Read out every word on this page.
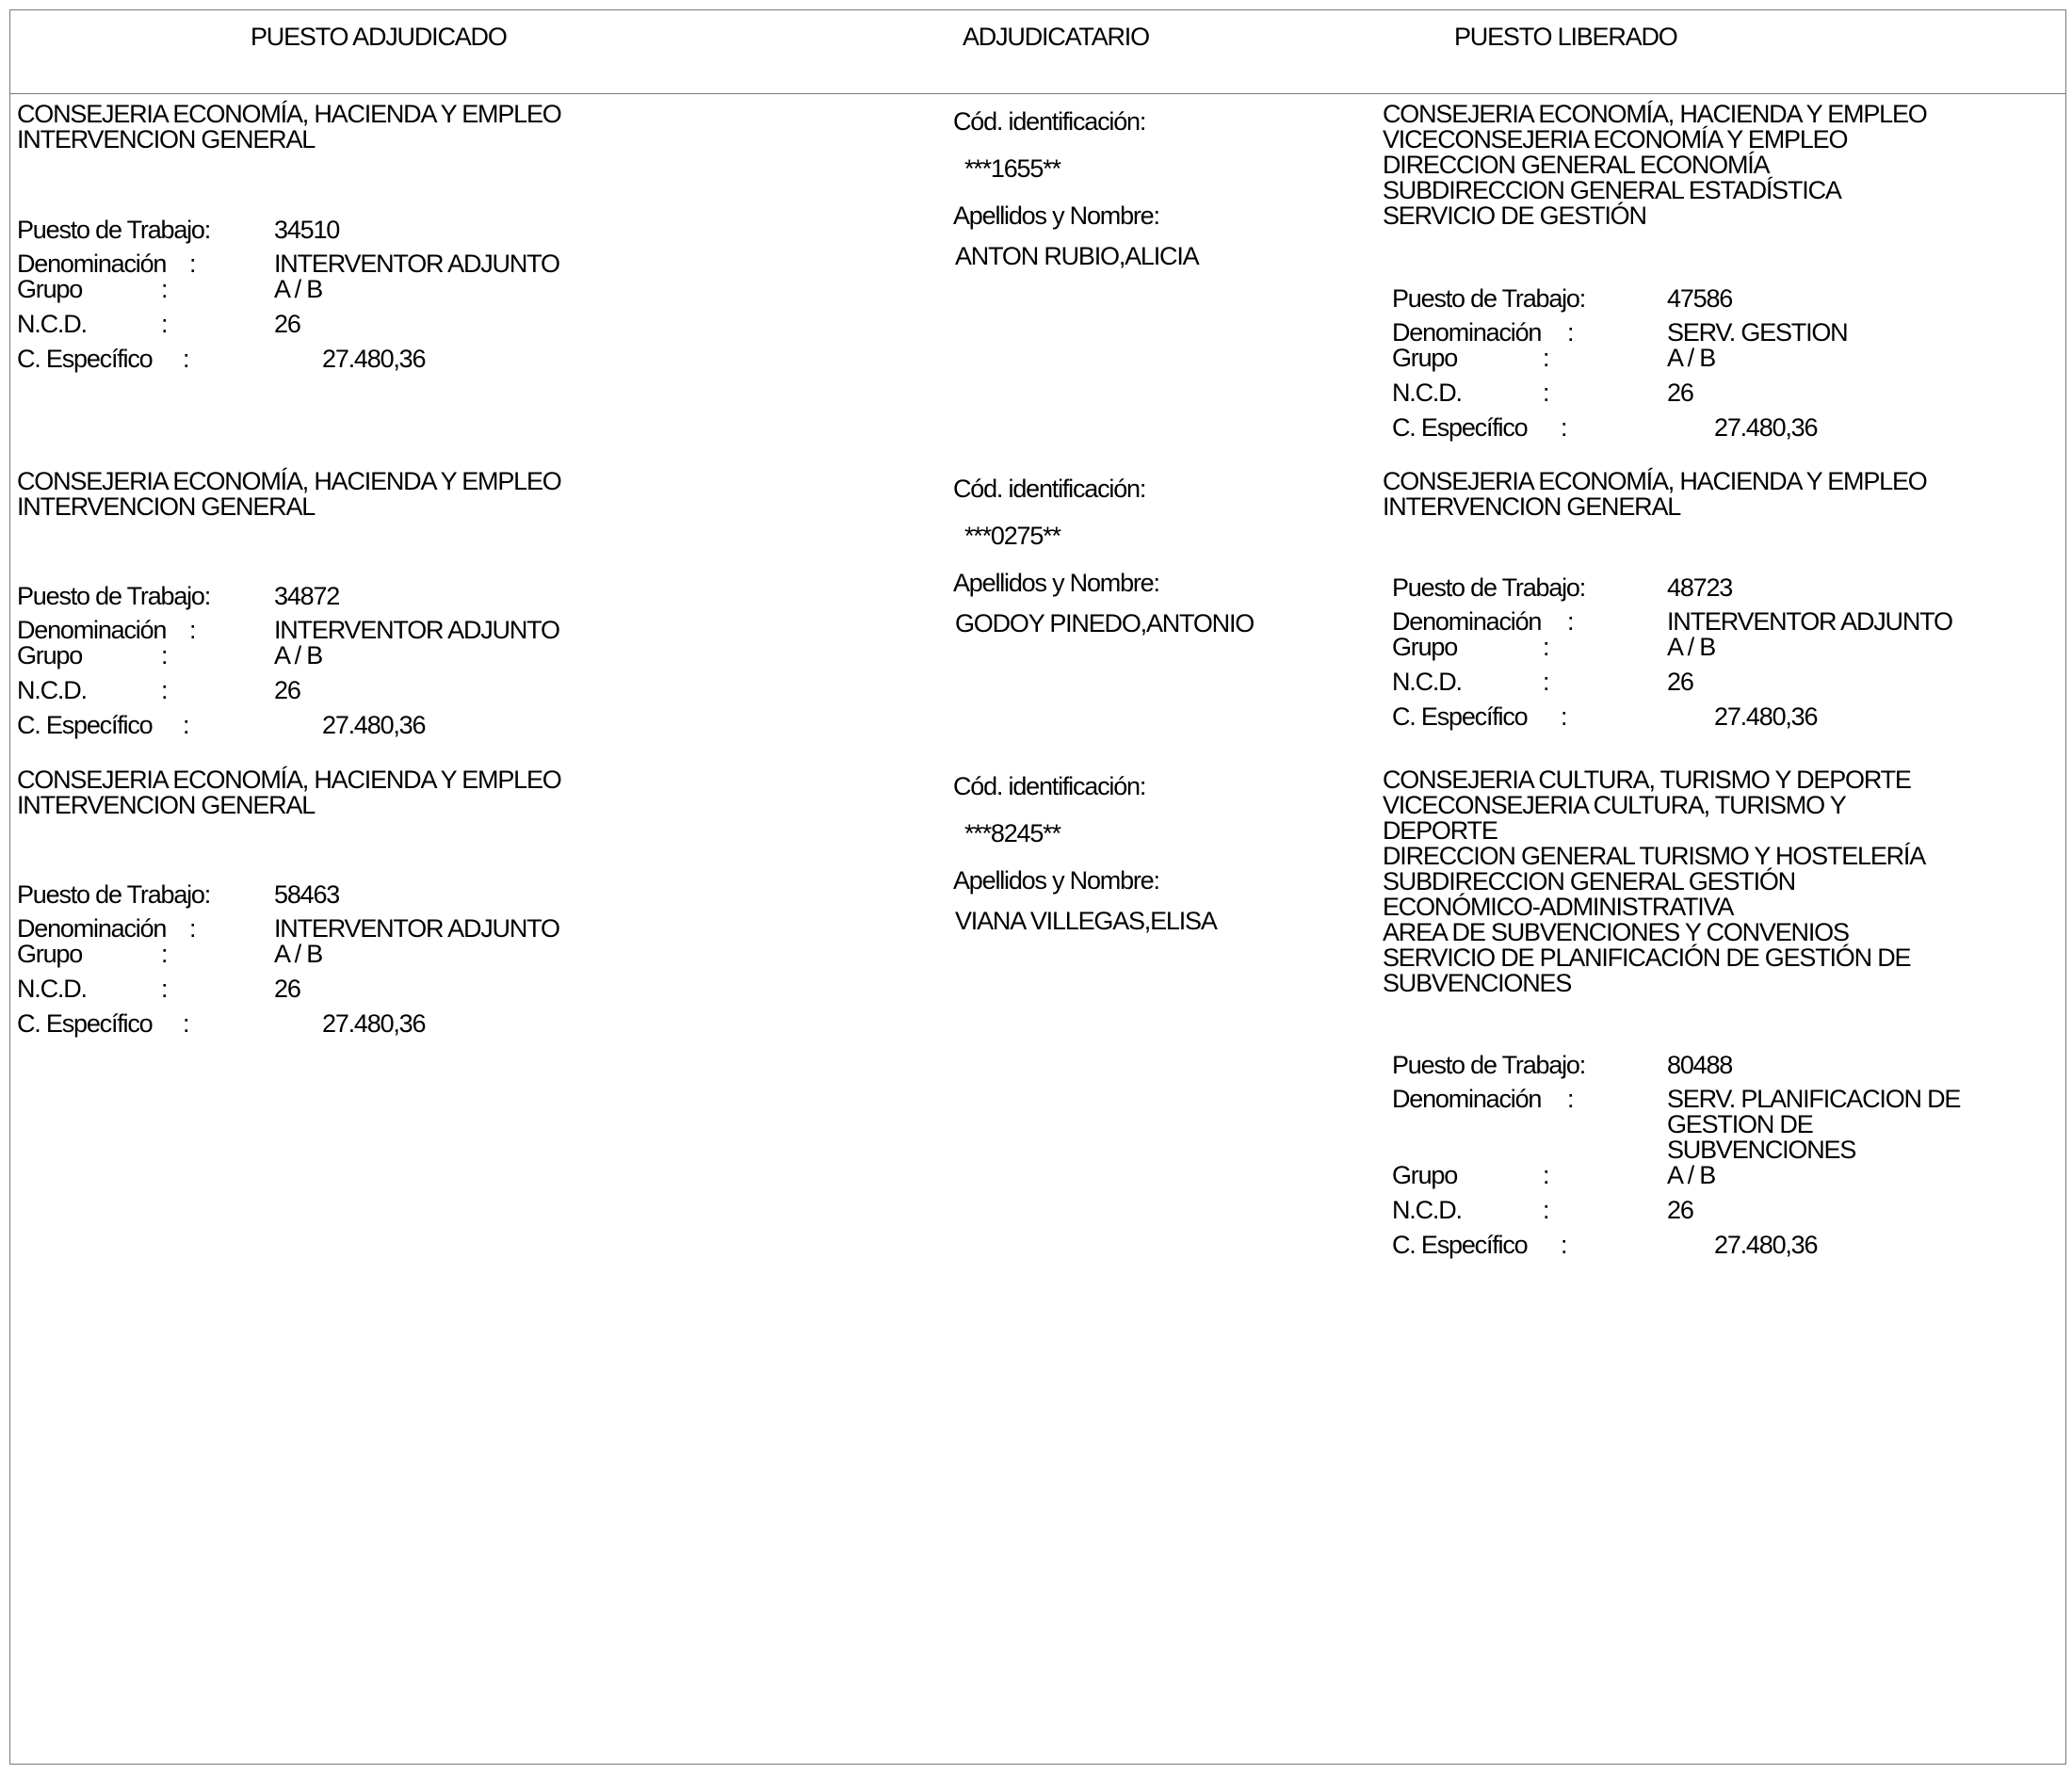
PUESTO ADJUDICADO	ADJUDICATARIO	PUESTO LIBERADO
CONSEJERIA ECONOMÍA, HACIENDA Y EMPLEO
INTERVENCION GENERAL
Puesto de Trabajo:	34510
Denominación :	INTERVENTOR ADJUNTO
Grupo	:	A / B
N.C.D.	:	26
C. Específico :	27.480,36
Cód. identificación:
***1655**
Apellidos y Nombre:
ANTON RUBIO,ALICIA
CONSEJERIA ECONOMÍA, HACIENDA Y EMPLEO
VICECONSEJERIA ECONOMÍA Y EMPLEO
DIRECCION GENERAL ECONOMÍA
SUBDIRECCION GENERAL ESTADÍSTICA
SERVICIO DE GESTIÓN
Puesto de Trabajo:	47586
Denominación :	SERV. GESTION
Grupo	:	A / B
N.C.D.	:	26
C. Específico :	27.480,36
CONSEJERIA ECONOMÍA, HACIENDA Y EMPLEO
INTERVENCION GENERAL
Puesto de Trabajo:	34872
Denominación :	INTERVENTOR ADJUNTO
Grupo	:	A / B
N.C.D.	:	26
C. Específico :	27.480,36
Cód. identificación:
***0275**
Apellidos y Nombre:
GODOY PINEDO,ANTONIO
CONSEJERIA ECONOMÍA, HACIENDA Y EMPLEO
INTERVENCION GENERAL
Puesto de Trabajo:	48723
Denominación :	INTERVENTOR ADJUNTO
Grupo	:	A / B
N.C.D.	:	26
C. Específico :	27.480,36
CONSEJERIA ECONOMÍA, HACIENDA Y EMPLEO
INTERVENCION GENERAL
Puesto de Trabajo:	58463
Denominación :	INTERVENTOR ADJUNTO
Grupo	:	A / B
N.C.D.	:	26
C. Específico :	27.480,36
Cód. identificación:
***8245**
Apellidos y Nombre:
VIANA VILLEGAS,ELISA
CONSEJERIA CULTURA, TURISMO Y DEPORTE
VICECONSEJERIA CULTURA, TURISMO Y
DEPORTE
DIRECCION GENERAL TURISMO Y HOSTELERÍA
SUBDIRECCION GENERAL GESTIÓN
ECONÓMICO-ADMINISTRATIVA
AREA DE SUBVENCIONES Y CONVENIOS
SERVICIO DE PLANIFICACIÓN DE GESTIÓN DE
SUBVENCIONES
Puesto de Trabajo:	80488
Denominación :	SERV. PLANIFICACION DE
GESTION DE
SUBVENCIONES
Grupo	:	A / B
N.C.D.	:	26
C. Específico :	27.480,36
